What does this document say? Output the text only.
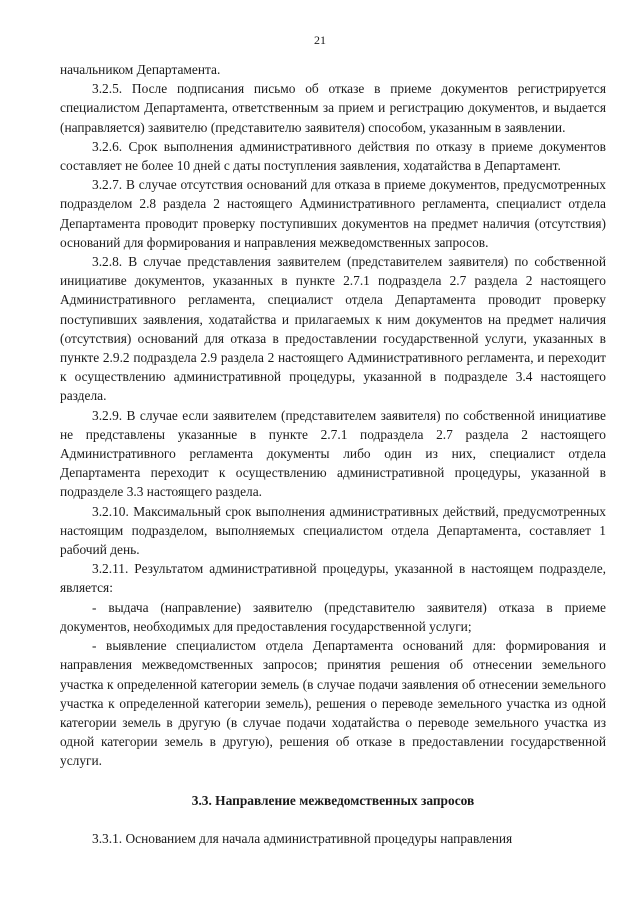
21

начальником Департамента.

3.2.5. После подписания письмо об отказе в приеме документов регистрируется специалистом Департамента, ответственным за прием и регистрацию документов, и выдается (направляется) заявителю (представителю заявителя) способом, указанным в заявлении.

3.2.6. Срок выполнения административного действия по отказу в приеме документов составляет не более 10 дней с даты поступления заявления, ходатайства в Департамент.

3.2.7. В случае отсутствия оснований для отказа в приеме документов, предусмотренных подразделом 2.8 раздела 2 настоящего Административного регламента, специалист отдела Департамента проводит проверку поступивших документов на предмет наличия (отсутствия) оснований для формирования и направления межведомственных запросов.

3.2.8. В случае представления заявителем (представителем заявителя) по собственной инициативе документов, указанных в пункте 2.7.1 подраздела 2.7 раздела 2 настоящего Административного регламента, специалист отдела Департамента проводит проверку поступивших заявления, ходатайства и прилагаемых к ним документов на предмет наличия (отсутствия) оснований для отказа в предоставлении государственной услуги, указанных в пункте 2.9.2 подраздела 2.9 раздела 2 настоящего Административного регламента, и переходит к осуществлению административной процедуры, указанной в подразделе 3.4 настоящего раздела.

3.2.9. В случае если заявителем (представителем заявителя) по собственной инициативе не представлены указанные в пункте 2.7.1 подраздела 2.7 раздела 2 настоящего Административного регламента документы либо один из них, специалист отдела Департамента переходит к осуществлению административной процедуры, указанной в подразделе 3.3 настоящего раздела.

3.2.10. Максимальный срок выполнения административных действий, предусмотренных настоящим подразделом, выполняемых специалистом отдела Департамента, составляет 1 рабочий день.

3.2.11. Результатом административной процедуры, указанной в настоящем подразделе, является:

- выдача (направление) заявителю (представителю заявителя) отказа в приеме документов, необходимых для предоставления государственной услуги;

- выявление специалистом отдела Департамента оснований для: формирования и направления межведомственных запросов; принятия решения об отнесении земельного участка к определенной категории земель (в случае подачи заявления об отнесении земельного участка к определенной категории земель), решения о переводе земельного участка из одной категории земель в другую (в случае подачи ходатайства о переводе земельного участка из одной категории земель в другую), решения об отказе в предоставлении государственной услуги.

3.3. Направление межведомственных запросов

3.3.1. Основанием для начала административной процедуры направления
